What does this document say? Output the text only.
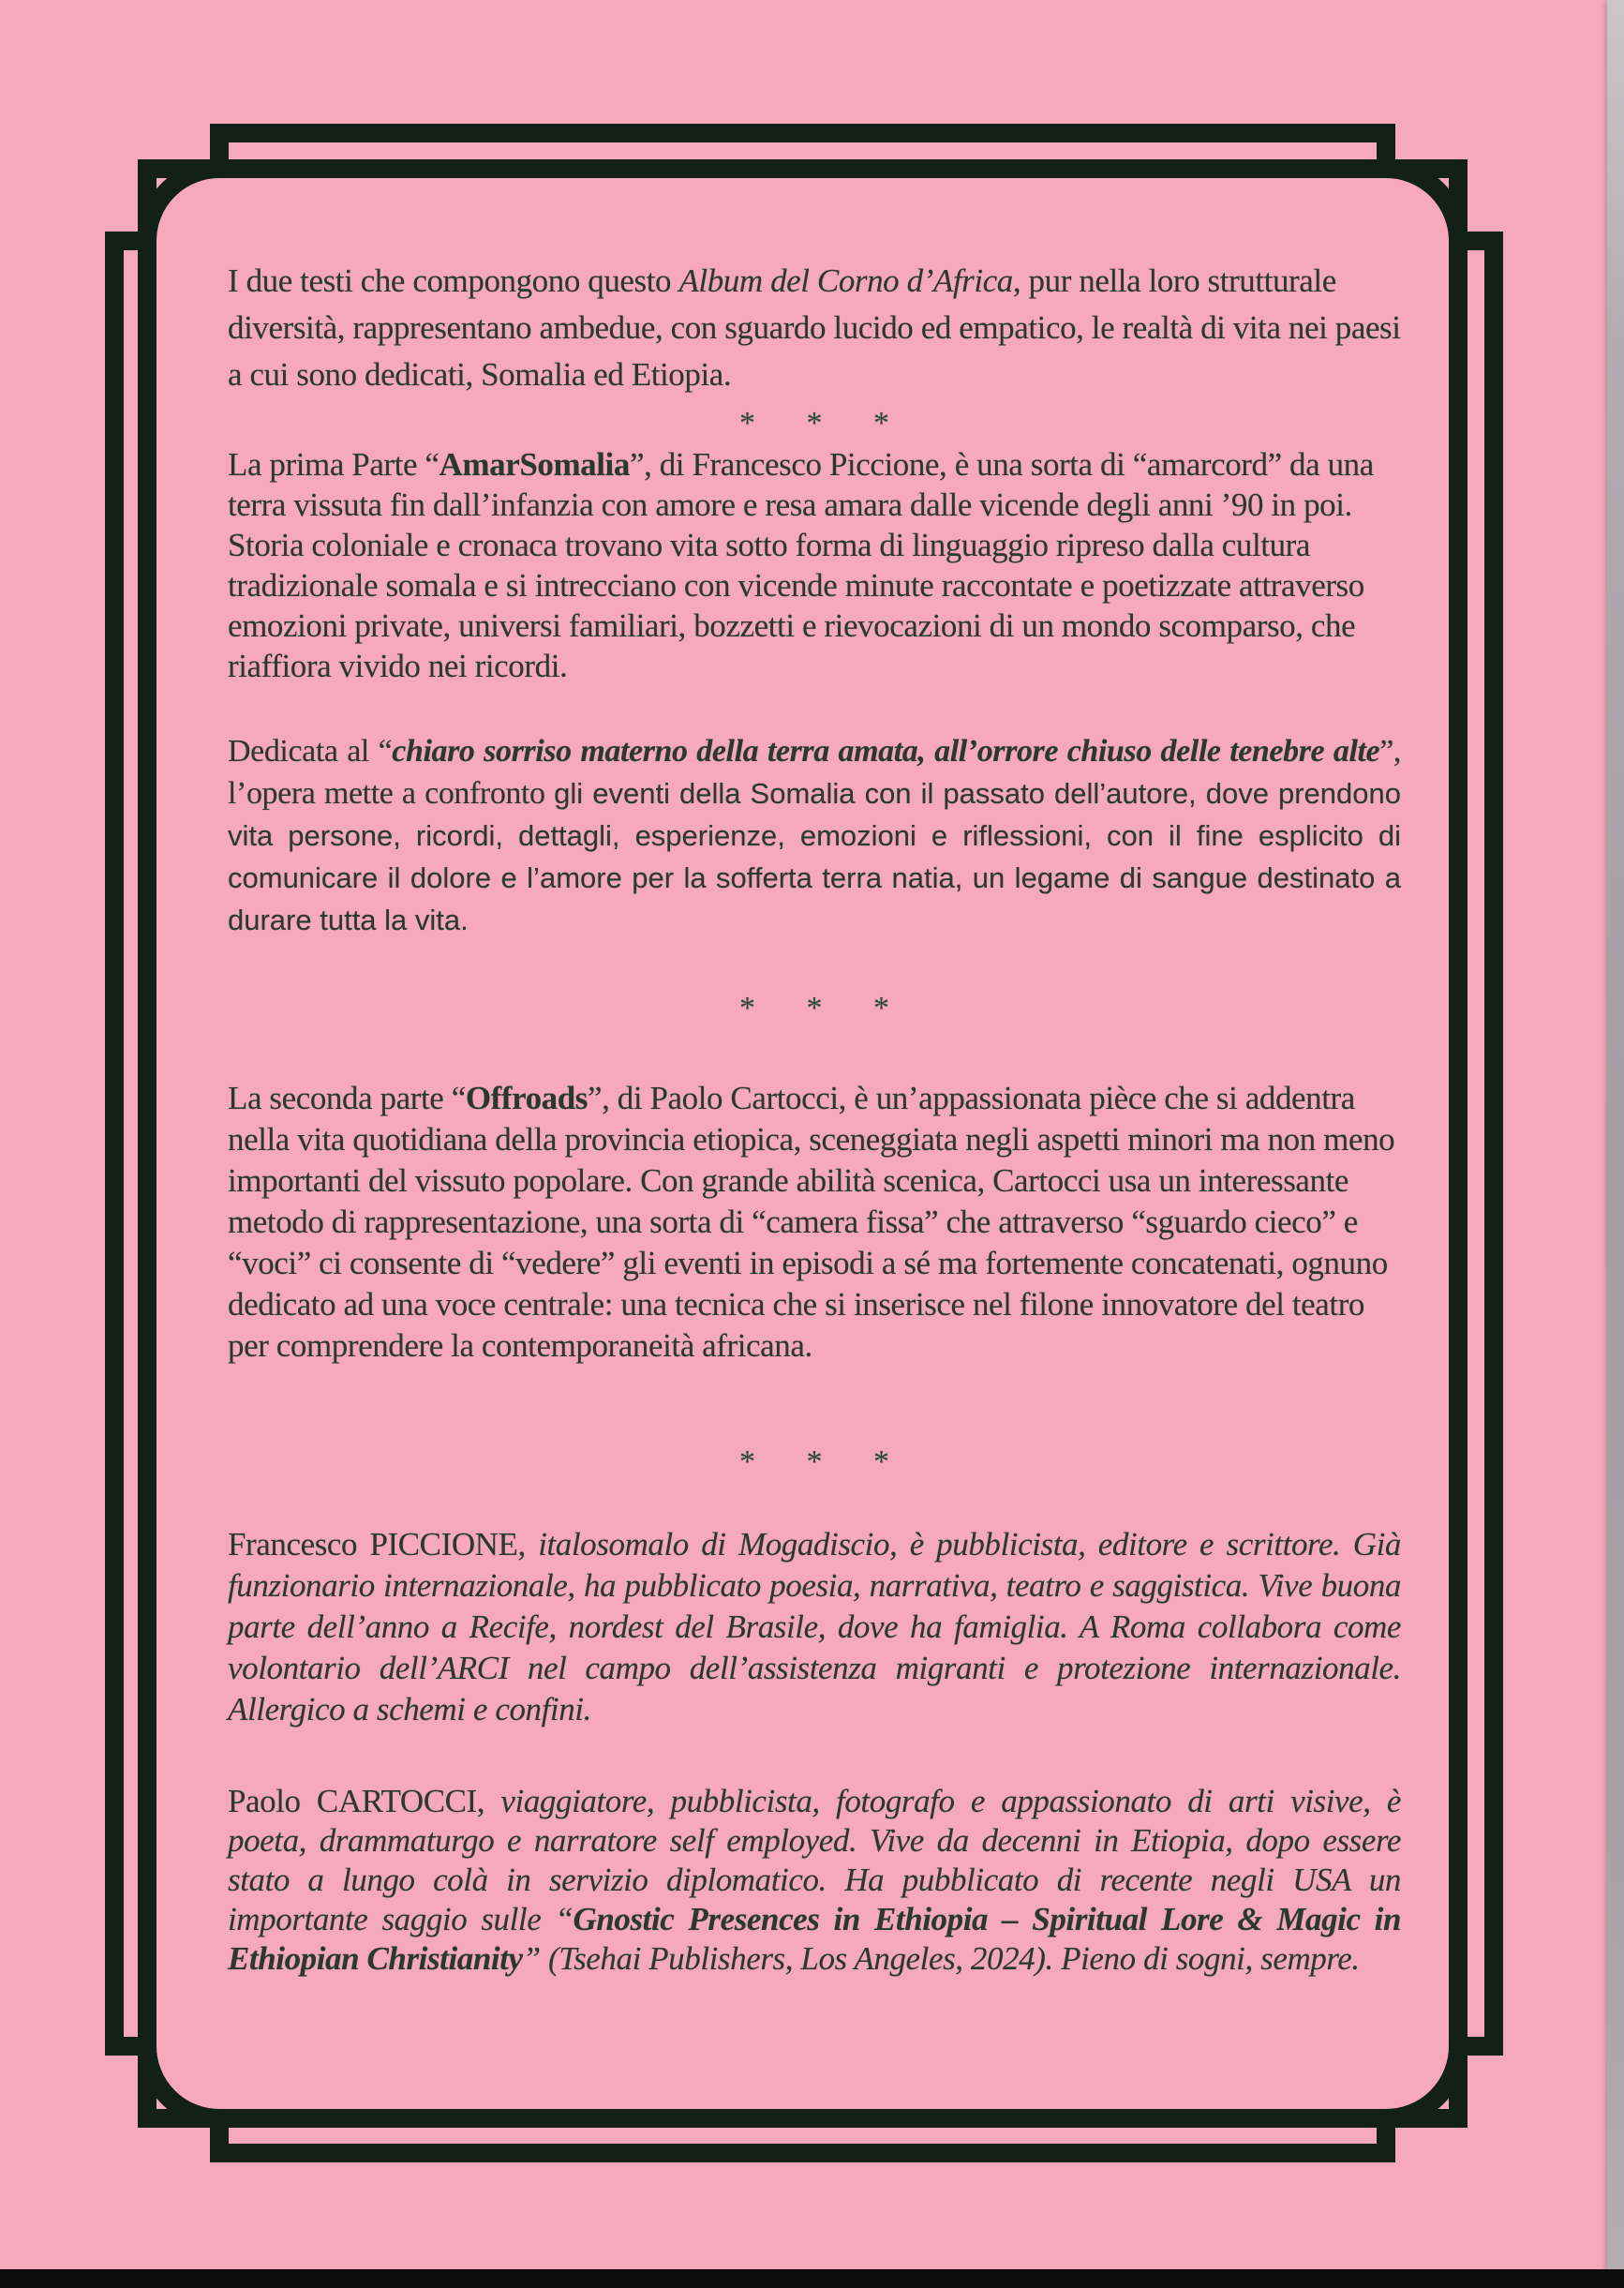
I due testi che compongono questo Album del Corno d’Africa, pur nella loro strutturale diversità, rappresentano ambedue, con sguardo lucido ed empatico, le realtà di vita nei paesi a cui sono dedicati, Somalia ed Etiopia.

* * *

La prima Parte “AmarSomalia”, di Francesco Piccione, è una sorta di “amarcord” da una terra vissuta fin dall’infanzia con amore e resa amara dalle vicende degli anni ’90 in poi. Storia coloniale e cronaca trovano vita sotto forma di linguaggio ripreso dalla cultura tradizionale somala e si intrecciano con vicende minute raccontate e poetizzate attraverso emozioni private, universi familiari, bozzetti e rievocazioni di un mondo scomparso, che riaffiora vivido nei ricordi.

Dedicata al “chiaro sorriso materno della terra amata, all’orrore chiuso delle tenebre alte”, l’opera mette a confronto gli eventi della Somalia con il passato dell’autore, dove prendono vita persone, ricordi, dettagli, esperienze, emozioni e riflessioni, con il fine esplicito di comunicare il dolore e l’amore per la sofferta terra natia, un legame di sangue destinato a durare tutta la vita.

* * *

La seconda parte “Offroads”, di Paolo Cartocci, è un’appassionata pièce che si addentra nella vita quotidiana della provincia etiopica, sceneggiata negli aspetti minori ma non meno importanti del vissuto popolare. Con grande abilità scenica, Cartocci usa un interessante metodo di rappresentazione, una sorta di “camera fissa” che attraverso “sguardo cieco” e “voci” ci consente di “vedere” gli eventi in episodi a sé ma fortemente concatenati, ognuno dedicato ad una voce centrale: una tecnica che si inserisce nel filone innovatore del teatro per comprendere la contemporaneità africana.

* * *

Francesco PICCIONE, italosomalo di Mogadiscio, è pubblicista, editore e scrittore. Già funzionario internazionale, ha pubblicato poesia, narrativa, teatro e saggistica. Vive buona parte dell’anno a Recife, nordest del Brasile, dove ha famiglia. A Roma collabora come volontario dell’ARCI nel campo dell’assistenza migranti e protezione internazionale. Allergico a schemi e confini.

Paolo CARTOCCI, viaggiatore, pubblicista, fotografo e appassionato di arti visive, è poeta, drammaturgo e narratore self employed. Vive da decenni in Etiopia, dopo essere stato a lungo colà in servizio diplomatico. Ha pubblicato di recente negli USA un importante saggio sulle “Gnostic Presences in Ethiopia – Spiritual Lore & Magic in Ethiopian Christianity” (Tsehai Publishers, Los Angeles, 2024). Pieno di sogni, sempre.
